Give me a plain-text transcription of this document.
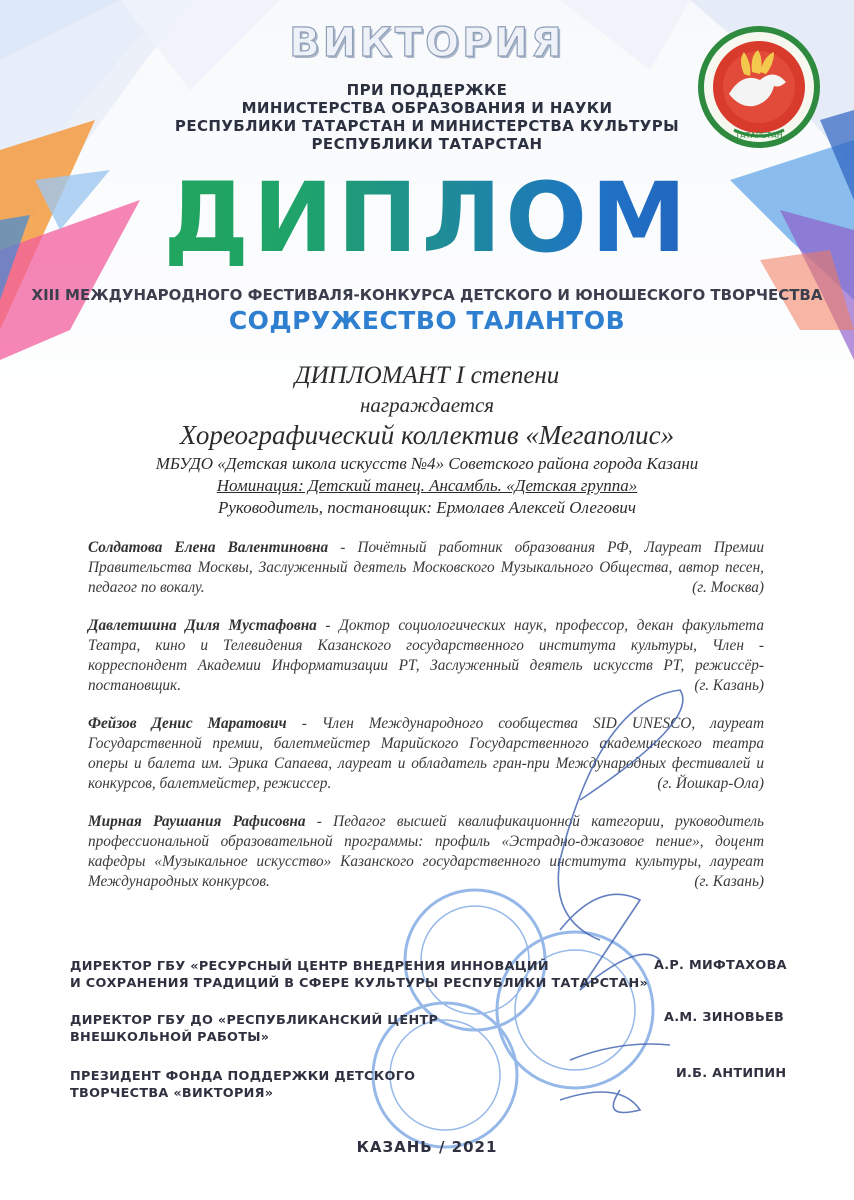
ВИКТОРИЯ
ПРИ ПОДДЕРЖКЕ
МИНИСТЕРСТВА ОБРАЗОВАНИЯ И НАУКИ
РЕСПУБЛИКИ ТАТАРСТАН И МИНИСТЕРСТВА КУЛЬТУРЫ
РЕСПУБЛИКИ ТАТАРСТАН	ТАТАРСТАН
ДИПЛОМ
XIII МЕЖДУНАРОДНОГО ФЕСТИВАЛЯ-КОНКУРСА ДЕТСКОГО И ЮНОШЕСКОГО ТВОРЧЕСТВА
СОДРУЖЕСТВО ТАЛАНТОВ
ДИПЛОМАНТ I степени
награждается
Хореографический коллектив «Мегаполис»
МБУДО «Детская школа искусств №4» Советского района города Казани
Номинация: Детский танец. Ансамбль. «Детская группа»
Руководитель, постановщик: Ермолаев Алексей Олегович
Солдатова Елена Валентиновна - Почётный работник образования РФ, Лауреат Премии Правительства Москвы, Заслуженный деятель Московского Музыкального Общества, автор песен, педагог по вокалу.	(г. Москва)
Давлетшина Диля Мустафовна - Доктор социологических наук, профессор, декан факультета Театра, кино и Телевидения Казанского государственного института культуры, Член - корреспондент Академии Информатизации РТ, Заслуженный деятель искусств РТ, режиссёр- постановщик.	(г. Казань)
Фейзов Денис Маратович - Член Международного сообщества SID UNESCO, лауреат Государственной премии, балетмейстер Марийского Государственного академического театра оперы и балета им. Эрика Сапаева, лауреат и обладатель гран-при Международных фестивалей и конкурсов, балетмейстер, режиссер.	(г. Йошкар-Ола)
Мирная Раушания Рафисовна - Педагог высшей квалификационной категории, руководитель профессиональной образовательной программы: профиль «Эстрадно-джазовое пение», доцент кафедры «Музыкальное искусство» Казанского государственного института культуры, лауреат Международных конкурсов.	(г. Казань)
ДИРЕКТОР ГБУ «РЕСУРСНЫЙ ЦЕНТР ВНЕДРЕНИЯ ИННОВАЦИЙ
И СОХРАНЕНИЯ ТРАДИЦИЙ В СФЕРЕ КУЛЬТУРЫ РЕСПУБЛИКИ ТАТАРСТАН»
А.Р. МИФТАХОВА
ДИРЕКТОР ГБУ ДО «РЕСПУБЛИКАНСКИЙ ЦЕНТР
ВНЕШКОЛЬНОЙ РАБОТЫ»
А.М. ЗИНОВЬЕВ
ПРЕЗИДЕНТ ФОНДА ПОДДЕРЖКИ ДЕТСКОГО
ТВОРЧЕСТВА «ВИКТОРИЯ»
И.Б. АНТИПИН
КАЗАНЬ / 2021
